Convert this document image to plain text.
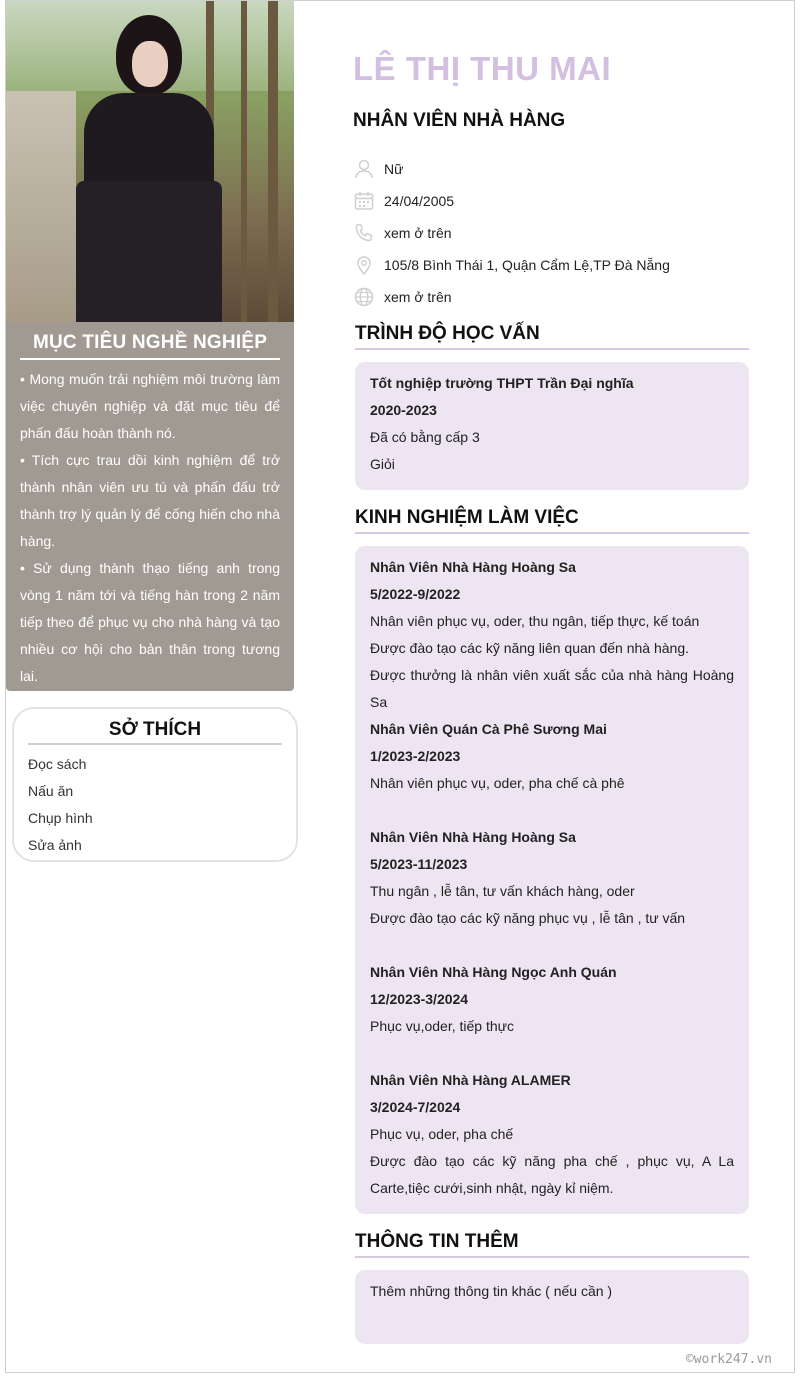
MỤC TIÊU NGHỀ NGHIỆP

• Mong muốn trải nghiệm môi trường làm việc chuyên nghiệp và đặt mục tiêu để phấn đấu hoàn thành nó.

• Tích cực trau dồi kinh nghiệm để trở thành nhân viên ưu tú và phấn đấu trở thành trợ lý quản lý để cống hiến cho nhà hàng.

• Sử dụng thành thạo tiếng anh trong vòng 1 năm tới và tiếng hàn trong 2 năm tiếp theo để phục vụ cho nhà hàng và tạo nhiều cơ hội cho bản thân trong tương lai.

SỞ THÍCH
Đọc sách
Nấu ăn
Chụp hình
Sửa ảnh
LÊ THỊ THU MAI
NHÂN VIÊN NHÀ HÀNG
Nữ
24/04/2005
xem ở trên
105/8 Bình Thái 1, Quận Cẩm Lệ,TP Đà Nẵng
xem ở trên
TRÌNH ĐỘ HỌC VẤN
Tốt nghiệp trường THPT Trần Đại nghĩa
2020-2023
Đã có bằng cấp 3
Giỏi
KINH NGHIỆM LÀM VIỆC
Nhân Viên Nhà Hàng Hoàng Sa
5/2022-9/2022
Nhân viên phục vụ, oder, thu ngân, tiếp thực, kế toán
Được đào tạo các kỹ năng liên quan đến nhà hàng.
Được thưởng là nhân viên xuất sắc của nhà hàng Hoàng Sa
Nhân Viên Quán Cà Phê Sương Mai
1/2023-2/2023
Nhân viên phục vụ, oder, pha chế cà phê
Nhân Viên Nhà Hàng Hoàng Sa
5/2023-11/2023
Thu ngân , lễ tân, tư vấn khách hàng, oder
Được đào tạo các kỹ năng phục vụ , lễ tân , tư vấn
Nhân Viên Nhà Hàng Ngọc Anh Quán
12/2023-3/2024
Phục vụ,oder, tiếp thực
Nhân Viên Nhà Hàng ALAMER
3/2024-7/2024
Phục vụ, oder, pha chế
Được đào tạo các kỹ năng pha chế , phục vụ, A La Carte,tiệc cưới,sinh nhật, ngày kỉ niệm.
THÔNG TIN THÊM
Thêm những thông tin khác ( nếu cần )
©work247.vn
